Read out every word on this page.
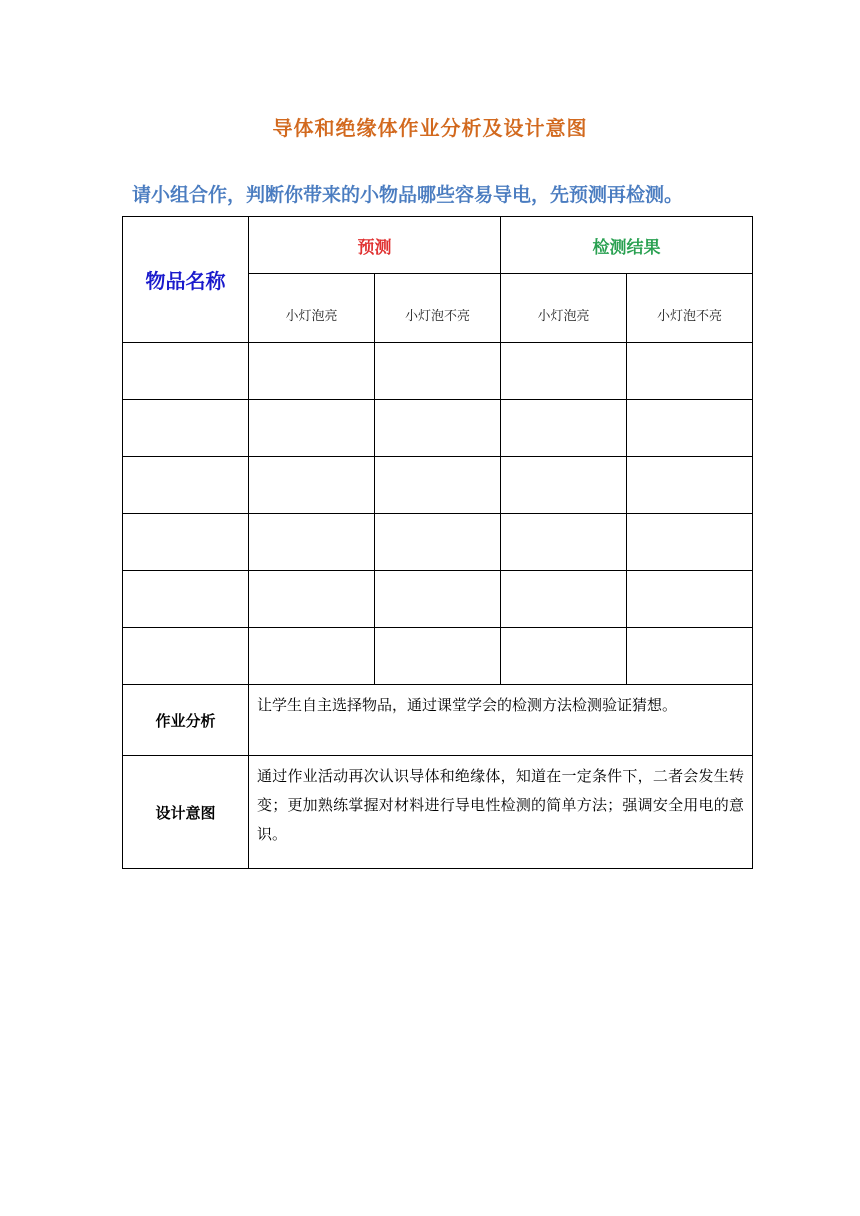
导体和绝缘体作业分析及设计意图
请小组合作，判断你带来的小物品哪些容易导电，先预测再检测。
物品名称	预测		检测结果	
	小灯泡亮	小灯泡不亮	小灯泡亮	小灯泡不亮

作业分析	让学生自主选择物品，通过课堂学会的检测方法检测验证猜想。			
设计意图	通过作业活动再次认识导体和绝缘体，知道在一定条件下，二者会发生转变；更加熟练掌握对材料进行导电性检测的简单方法；强调安全用电的意识。			
